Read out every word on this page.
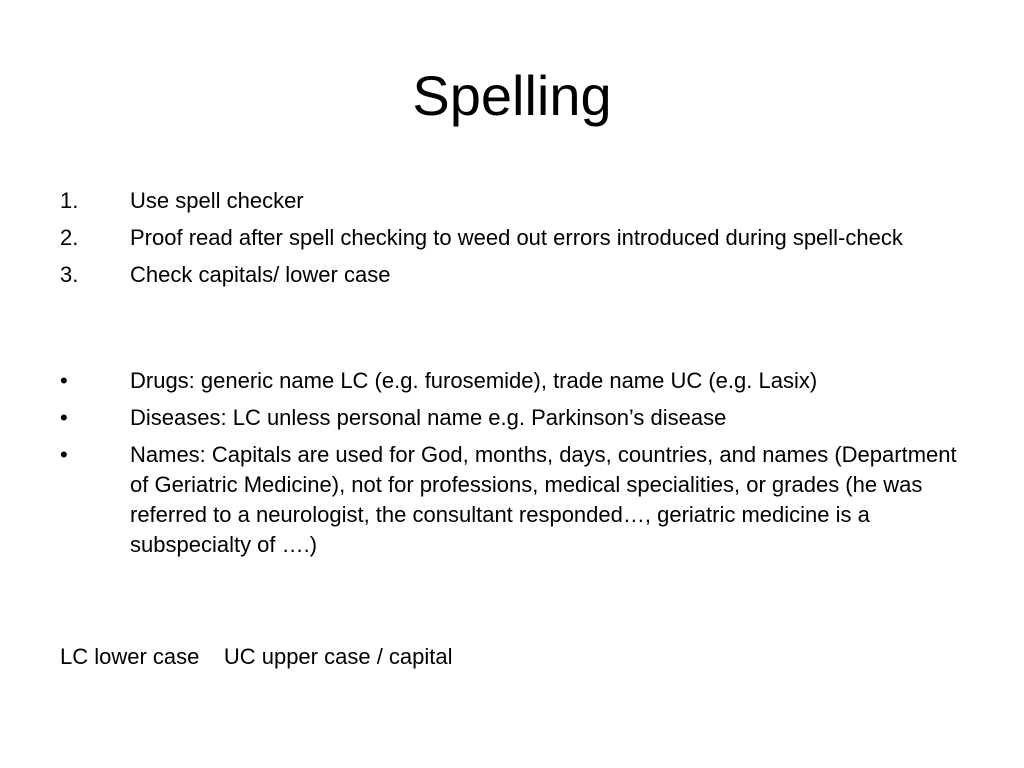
Spelling
1.	Use spell checker
2.	Proof read after spell checking to weed out errors introduced during spell-check
3.	Check capitals/ lower case
•	Drugs: generic name LC (e.g. furosemide), trade name UC (e.g. Lasix)
•	Diseases: LC unless personal name e.g. Parkinson’s disease
•	Names: Capitals are used for God, months, days, countries, and names (Department of Geriatric Medicine), not for professions, medical specialities, or grades (he was referred to a neurologist, the consultant responded…, geriatric medicine is a subspecialty of ….)
LC lower case    UC upper case / capital
